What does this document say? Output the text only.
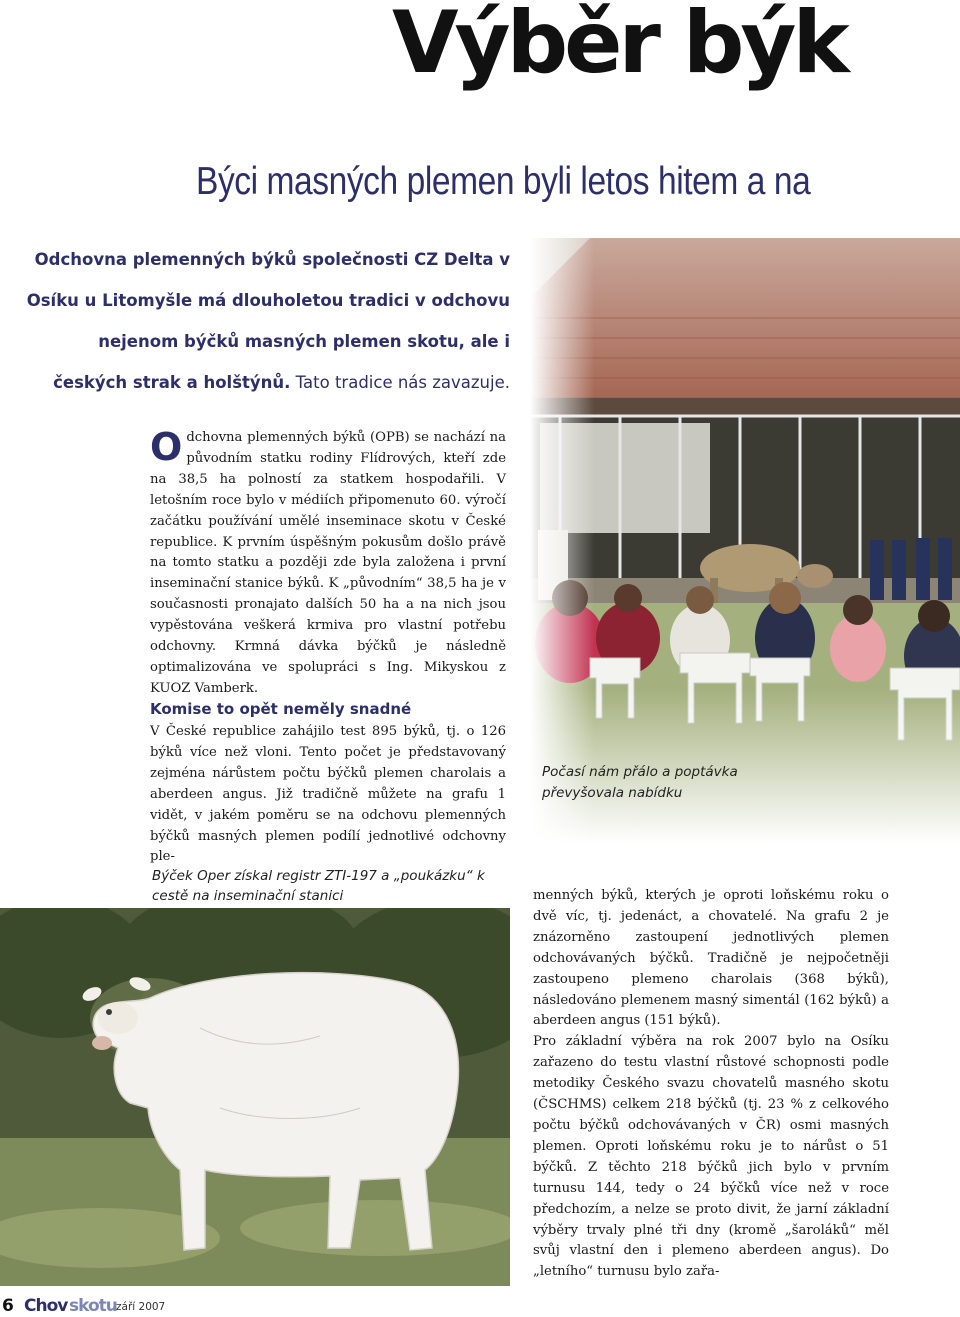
Výběr býk
Býci masných plemen byli letos hitem a na
Odchovna plemenných býků společnosti CZ Delta v Osíku u Litomyšle má dlouholetou tradici v odchovu nejenom býčků masných plemen skotu, ale i českých strak a holštýnů. Tato tradice nás zavazuje.
Počasí nám přálo a poptávka převyšovala nabídku
Odchovna plemenných býků (OPB) se nachází na původním statku rodiny Flídrových, kteří zde na 38,5 ha polností za statkem hospodařili. V letošním roce bylo v médiích připomenuto 60. výročí začátku používání umělé inseminace skotu v České republice. K prvním úspěšným pokusům došlo právě na tomto statku a později zde byla založena i první inseminační stanice býků. K „původním“ 38,5 ha je v současnosti pronajato dalších 50 ha a na nich jsou vypěstována veškerá krmiva pro vlastní potřebu odchovny. Krmná dávka býčků je následně optimalizována ve spolupráci s Ing. Mikyskou z KUOZ Vamberk.
Komise to opět neměly snadné
V České republice zahájilo test 895 býků, tj. o 126 býků více než vloni. Tento počet je představovaný zejména nárůstem počtu býčků plemen charolais a aberdeen angus. Již tradičně můžete na grafu 1 vidět, v jakém poměru se na odchovu plemenných býčků masných plemen podílí jednotlivé odchovny ple-
Býček Oper získal registr ZTI-197 a „poukázku“ k cestě na inseminační stanici	menných býků, kterých je oproti loňskému roku o dvě víc, tj. jedenáct, a chovatelé. Na grafu 2 je znázorněno zastoupení jednotlivých plemen odchovávaných býčků. Tradičně je nejpočetněji zastoupeno plemeno charolais (368 býků), následováno plemenem masný simentál (162 býků) a aberdeen angus (151 býků).

Pro základní výběra na rok 2007 bylo na Osíku zařazeno do testu vlastní růstové schopnosti podle metodiky Českého svazu chovatelů masného skotu (ČSCHMS) celkem 218 býčků (tj. 23 % z celkového počtu býčků odchovávaných v ČR) osmi masných plemen. Oproti loňskému roku je to nárůst o 51 býčků. Z těchto 218 býčků jich bylo v prvním turnusu 144, tedy o 24 býčků více než v roce předchozím, a nelze se proto divit, že jarní základní výběry trvaly plné tři dny (kromě „šaroláků“ měl svůj vlastní den i plemeno aberdeen angus). Do „letního“ turnusu bylo zařa-

6 Chov skotu září 2007
